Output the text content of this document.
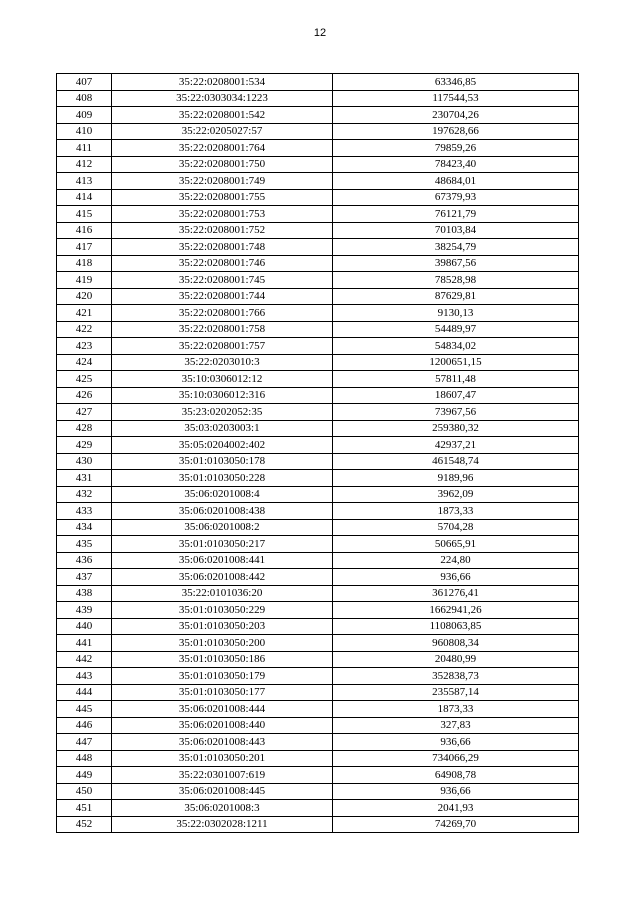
12
407	35:22:0208001:534	63346,85
408	35:22:0303034:1223	117544,53
409	35:22:0208001:542	230704,26
410	35:22:0205027:57	197628,66
411	35:22:0208001:764	79859,26
412	35:22:0208001:750	78423,40
413	35:22:0208001:749	48684,01
414	35:22:0208001:755	67379,93
415	35:22:0208001:753	76121,79
416	35:22:0208001:752	70103,84
417	35:22:0208001:748	38254,79
418	35:22:0208001:746	39867,56
419	35:22:0208001:745	78528,98
420	35:22:0208001:744	87629,81
421	35:22:0208001:766	9130,13
422	35:22:0208001:758	54489,97
423	35:22:0208001:757	54834,02
424	35:22:0203010:3	1200651,15
425	35:10:0306012:12	57811,48
426	35:10:0306012:316	18607,47
427	35:23:0202052:35	73967,56
428	35:03:0203003:1	259380,32
429	35:05:0204002:402	42937,21
430	35:01:0103050:178	461548,74
431	35:01:0103050:228	9189,96
432	35:06:0201008:4	3962,09
433	35:06:0201008:438	1873,33
434	35:06:0201008:2	5704,28
435	35:01:0103050:217	50665,91
436	35:06:0201008:441	224,80
437	35:06:0201008:442	936,66
438	35:22:0101036:20	361276,41
439	35:01:0103050:229	1662941,26
440	35:01:0103050:203	1108063,85
441	35:01:0103050:200	960808,34
442	35:01:0103050:186	20480,99
443	35:01:0103050:179	352838,73
444	35:01:0103050:177	235587,14
445	35:06:0201008:444	1873,33
446	35:06:0201008:440	327,83
447	35:06:0201008:443	936,66
448	35:01:0103050:201	734066,29
449	35:22:0301007:619	64908,78
450	35:06:0201008:445	936,66
451	35:06:0201008:3	2041,93
452	35:22:0302028:1211	74269,70
